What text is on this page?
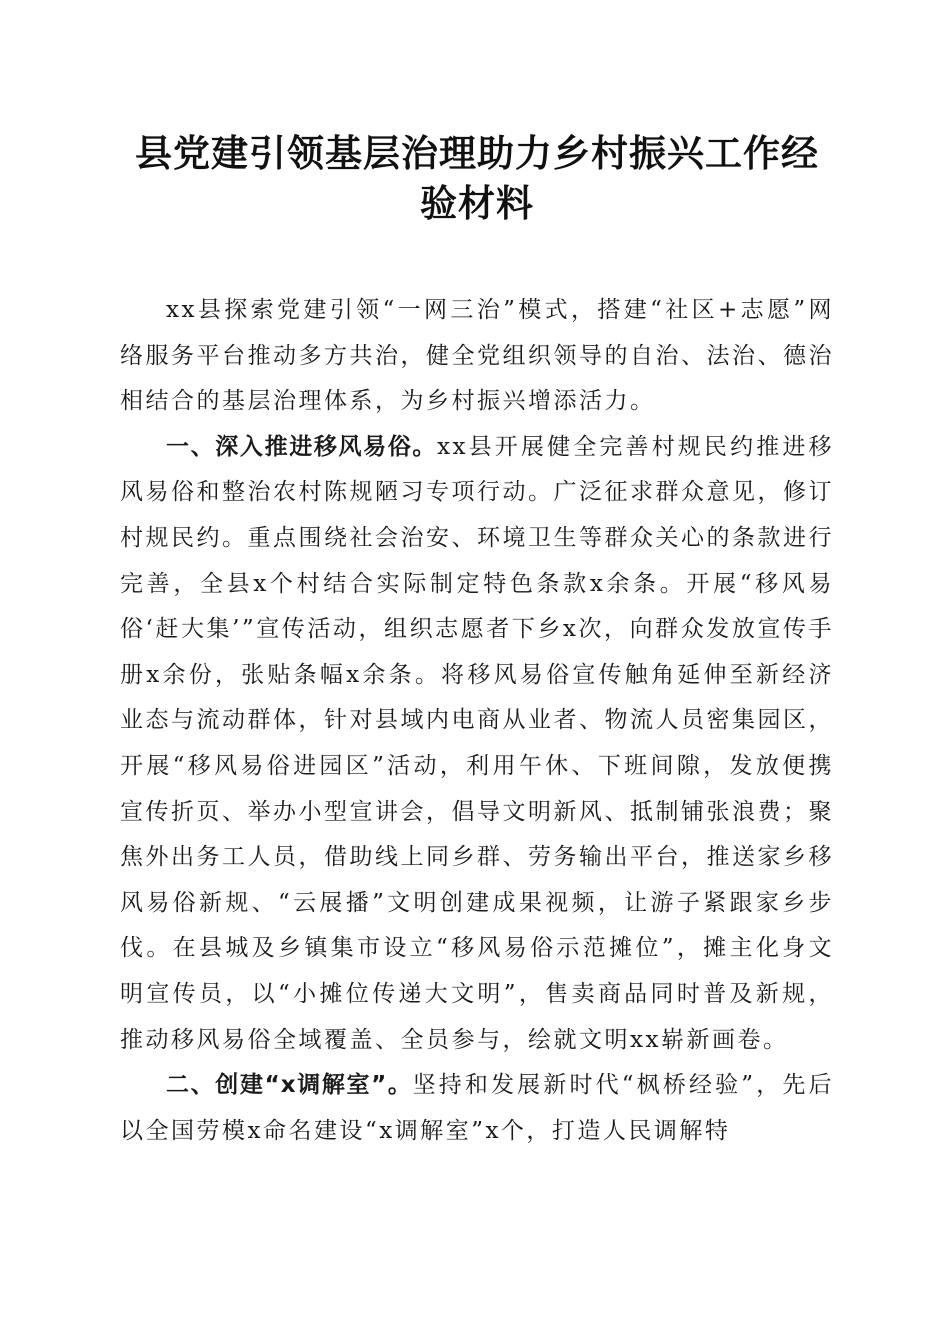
县党建引领基层治理助力乡村振兴工作经验材料

xx县探索党建引领“一网三治”模式，搭建“社区+志愿”网络服务平台推动多方共治，健全党组织领导的自治、法治、德治相结合的基层治理体系，为乡村振兴增添活力。

一、深入推进移风易俗。xx县开展健全完善村规民约推进移风易俗和整治农村陈规陋习专项行动。广泛征求群众意见，修订村规民约。重点围绕社会治安、环境卫生等群众关心的条款进行完善，全县x个村结合实际制定特色条款x余条。开展“移风易俗‘赶大集’”宣传活动，组织志愿者下乡x次，向群众发放宣传手册x余份，张贴条幅x余条。将移风易俗宣传触角延伸至新经济业态与流动群体，针对县域内电商从业者、物流人员密集园区，开展“移风易俗进园区”活动，利用午休、下班间隙，发放便携宣传折页、举办小型宣讲会，倡导文明新风、抵制铺张浪费；聚焦外出务工人员，借助线上同乡群、劳务输出平台，推送家乡移风易俗新规、“云展播”文明创建成果视频，让游子紧跟家乡步伐。在县城及乡镇集市设立“移风易俗示范摊位”，摊主化身文明宣传员，以“小摊位传递大文明”，售卖商品同时普及新规，推动移风易俗全域覆盖、全员参与，绘就文明xx崭新画卷。

二、创建“x调解室”。坚持和发展新时代“枫桥经验”，先后以全国劳模x命名建设“x调解室”x个，打造人民调解特
